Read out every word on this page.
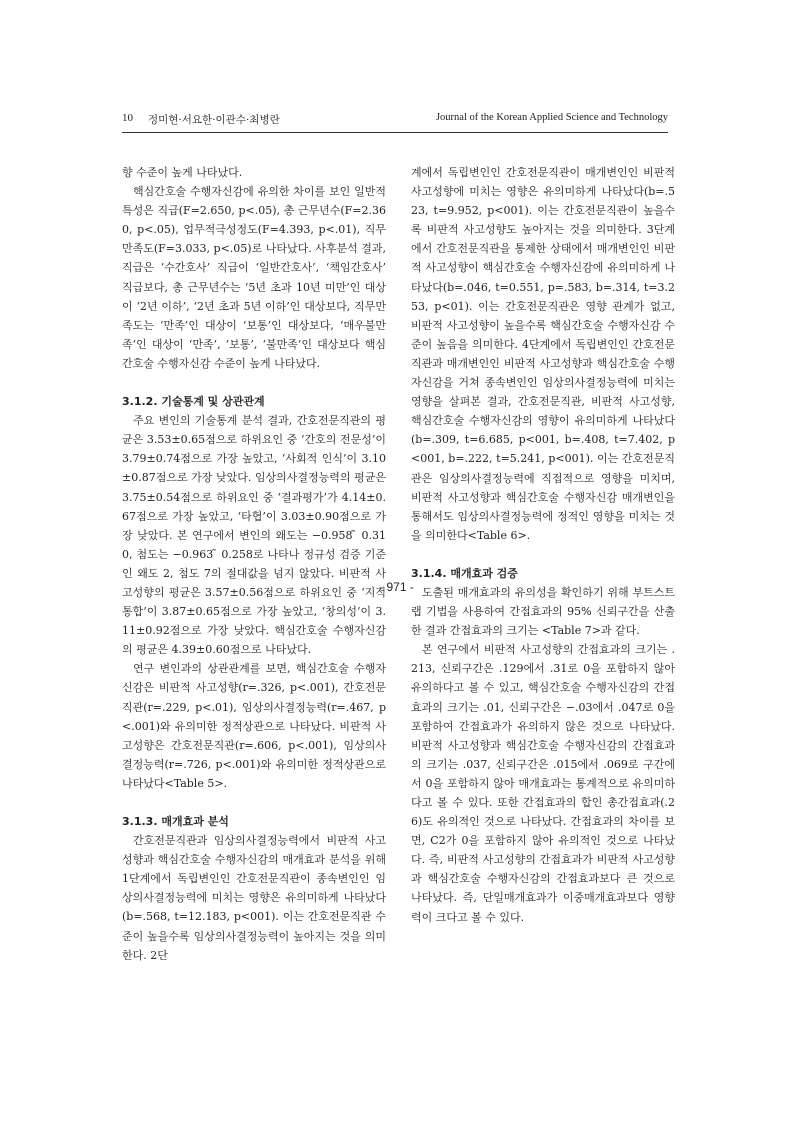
10 정미현·서요한·이관수·최병란	Journal of the Korean Applied Science and Technology

향 수준이 높게 나타났다.

핵심간호술 수행자신감에 유의한 차이를 보인 일반적 특성은 직급(F=2.650, p<.05), 총 근무년수(F=2.360, p<.05), 업무적극성정도(F=4.393, p<.01), 직무만족도(F=3.033, p<.05)로 나타났다. 사후분석 결과, 직급은 ‘수간호사’ 직급이 ‘일반간호사’, ‘책임간호사’ 직급보다, 총 근무년수는 ‘5년 초과 10년 미만’인 대상이 ‘2년 이하’, ‘2년 초과 5년 이하’인 대상보다, 직무만족도는 ‘만족’인 대상이 ‘보통’인 대상보다, ‘매우불만족’인 대상이 ‘만족’, ‘보통’, ‘불만족’인 대상보다 핵심간호술 수행자신감 수준이 높게 나타났다.

3.1.2. 기술통계 및 상관관계

주요 변인의 기술통계 분석 결과, 간호전문직관의 평균은 3.53±0.65점으로 하위요인 중 ‘간호의 전문성’이 3.79±0.74점으로 가장 높았고, ‘사회적 인식’이 3.10±0.87점으로 가장 낮았다. 임상의사결정능력의 평균은 3.75±0.54점으로 하위요인 중 ‘결과평가’가 4.14±0.67점으로 가장 높았고, ‘타협’이 3.03±0.90점으로 가장 낮았다. 본 연구에서 변인의 왜도는 −0.958 ̃ 0.310, 첨도는 −0.963 ̃ 0.258로 나타나 정규성 검증 기준인 왜도 2, 첨도 7의 절대값을 넘지 않았다. 비판적 사고성향의 평균은 3.57±0.56점으로 하위요인 중 ‘지적통합’이 3.87±0.65점으로 가장 높았고, ‘창의성’이 3.11±0.92점으로 가장 낮았다. 핵심간호술 수행자신감의 평균은 4.39±0.60점으로 나타났다.

연구 변인과의 상관관계를 보면, 핵심간호술 수행자신감은 비판적 사고성향(r=.326, p<.001), 간호전문직관(r=.229, p<.01), 임상의사결정능력(r=.467, p<.001)와 유의미한 정적상관으로 나타났다. 비판적 사고성향은 간호전문직관(r=.606, p<.001), 임상의사결정능력(r=.726, p<.001)와 유의미한 정적상관으로 나타났다<Table 5>.

3.1.3. 매개효과 분석

간호전문직관과 임상의사결정능력에서 비판적 사고성향과 핵심간호술 수행자신감의 매개효과 분석을 위해 1단계에서 독립변인인 간호전문직관이 종속변인인 임상의사결정능력에 미치는 영향은 유의미하게 나타났다(b=.568, t=12.183, p<001). 이는 간호전문직관 수준이 높을수록 임상의사결정능력이 높아지는 것을 의미한다. 2단

계에서 독립변인인 간호전문직관이 매개변인인 비판적 사고성향에 미치는 영향은 유의미하게 나타났다(b=.523, t=9.952, p<001). 이는 간호전문직관이 높을수록 비판적 사고성향도 높아지는 것을 의미한다. 3단계에서 간호전문직관을 통제한 상태에서 매개변인인 비판적 사고성향이 핵심간호술 수행자신감에 유의미하게 나타났다(b=.046, t=0.551, p=.583, b=.314, t=3.253, p<01). 이는 간호전문직관은 영향 관계가 없고, 비판적 사고성향이 높을수록 핵심간호술 수행자신감 수준이 높음을 의미한다. 4단계에서 독립변인인 간호전문직관과 매개변인인 비판적 사고성향과 핵심간호술 수행자신감을 거쳐 종속변인인 임상의사결정능력에 미치는 영향을 살펴본 결과, 간호전문직관, 비판적 사고성향, 핵심간호술 수행자신감의 영향이 유의미하게 나타났다(b=.309, t=6.685, p<001, b=.408, t=7.402, p<001, b=.222, t=5.241, p<001). 이는 간호전문직관은 임상의사결정능력에 직접적으로 영향을 미치며, 비판적 사고성향과 핵심간호술 수행자신감 매개변인을 통해서도 임상의사결정능력에 정적인 영향을 미치는 것을 의미한다<Table 6>.

3.1.4. 매개효과 검증

도출된 매개효과의 유의성을 확인하기 위해 부트스트랩 기법을 사용하여 간접효과의 95% 신뢰구간을 산출한 결과 간접효과의 크기는 <Table 7>과 같다.

본 연구에서 비판적 사고성향의 간접효과의 크기는 .213, 신뢰구간은 .129에서 .31로 0을 포함하지 않아 유의하다고 볼 수 있고, 핵심간호술 수행자신감의 간접효과의 크기는 .01, 신뢰구간은 −.03에서 .047로 0을 포함하여 간접효과가 유의하지 않은 것으로 나타났다. 비판적 사고성향과 핵심간호술 수행자신감의 간접효과의 크기는 .037, 신뢰구간은 .015에서 .069로 구간에서 0을 포함하지 않아 매개효과는 통계적으로 유의미하다고 볼 수 있다. 또한 간접효과의 합인 총간접효과(.26)도 유의적인 것으로 나타났다. 간접효과의 차이를 보면, C2가 0을 포함하지 않아 유의적인 것으로 나타났다. 즉, 비판적 사고성향의 간접효과가 비판적 사고성향과 핵심간호술 수행자신감의 간접효과보다 큰 것으로 나타났다. 즉, 단일매개효과가 이중매개효과보다 영향력이 크다고 볼 수 있다.

- 971 -
